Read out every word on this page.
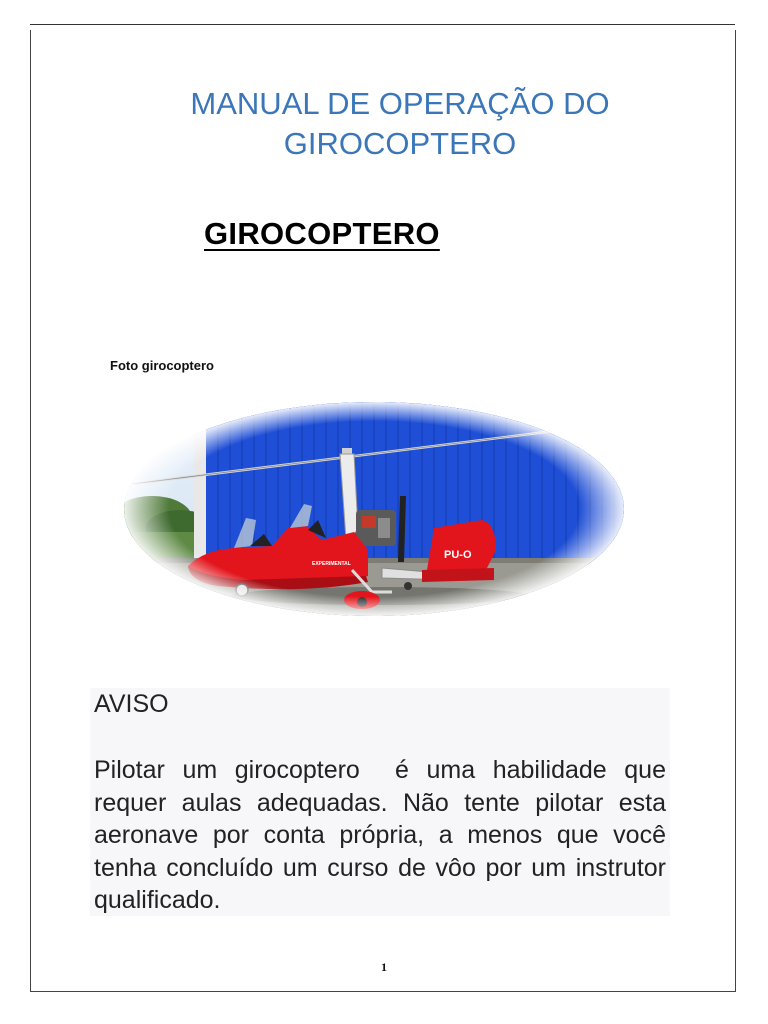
MANUAL DE OPERAÇÃO DO
GIROCOPTERO
GIROCOPTERO
Foto girocoptero
AVISO
Pilotar um girocoptero  é uma habilidade que requer aulas adequadas. Não tente pilotar esta aeronave por conta própria, a menos que você tenha concluído um curso de vôo por um instrutor qualificado.
1
